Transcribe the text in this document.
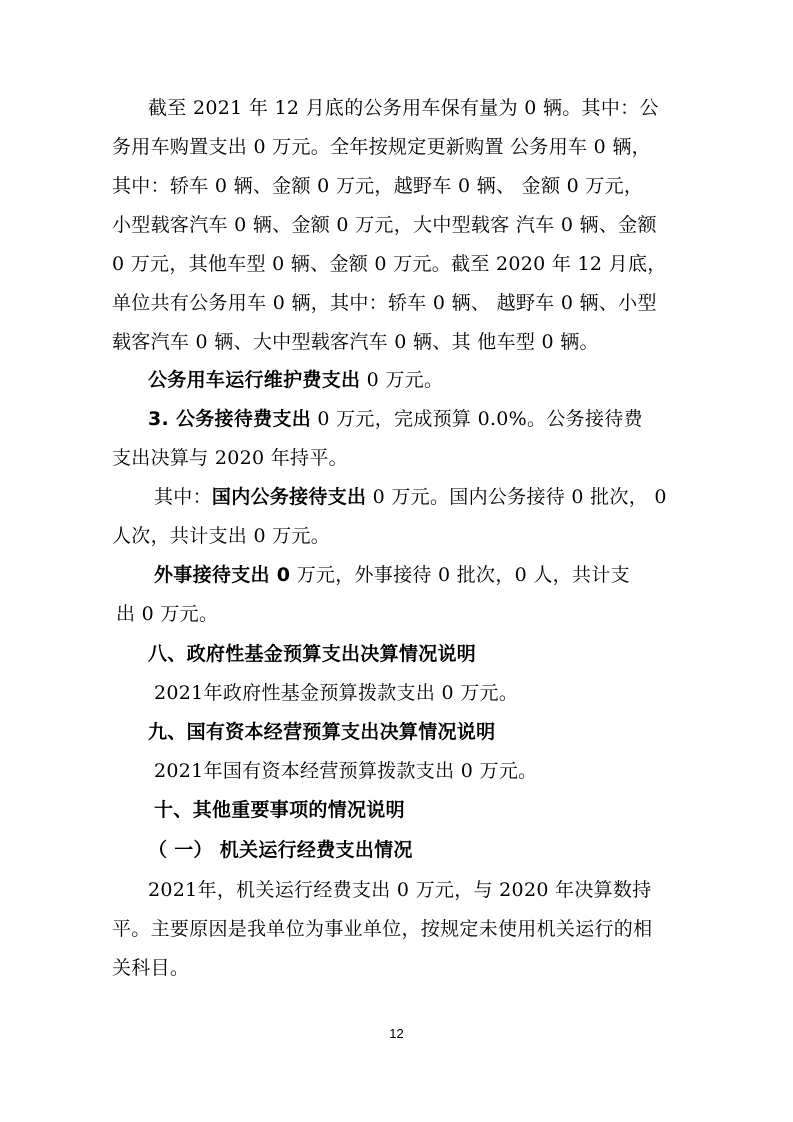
截至 2021 年 12 月底的公务用车保有量为 0 辆。其中：公
务用车购置支出 0 万元。全年按规定更新购置 公务用车 0 辆，
其中：轿车 0 辆、金额 0 万元，越野车 0 辆、 金额 0 万元，
小型载客汽车 0 辆、金额 0 万元，大中型载客 汽车 0 辆、金额
0 万元，其他车型 0 辆、金额 0 万元。截至 2020 年 12 月底，
单位共有公务用车 0 辆，其中：轿车 0 辆、 越野车 0 辆、小型
载客汽车 0 辆、大中型载客汽车 0 辆、其 他车型 0 辆。
公务用车运行维护费支出 0 万元。
3. 公务接待费支出 0 万元，完成预算 0.0%。公务接待费
支出决算与 2020 年持平。
其中：国内公务接待支出 0 万元。国内公务接待 0 批次， 0
人次，共计支出 0 万元。
外事接待支出 0 万元，外事接待 0 批次，0 人，共计支
出 0 万元。
八、政府性基金预算支出决算情况说明
2021年政府性基金预算拨款支出 0 万元。
九、国有资本经营预算支出决算情况说明
2021年国有资本经营预算拨款支出 0 万元。
十、其他重要事项的情况说明
（ 一） 机关运行经费支出情况
2021年，机关运行经费支出 0 万元，与 2020 年决算数持
平。主要原因是我单位为事业单位，按规定未使用机关运行的相
关科目。
12
